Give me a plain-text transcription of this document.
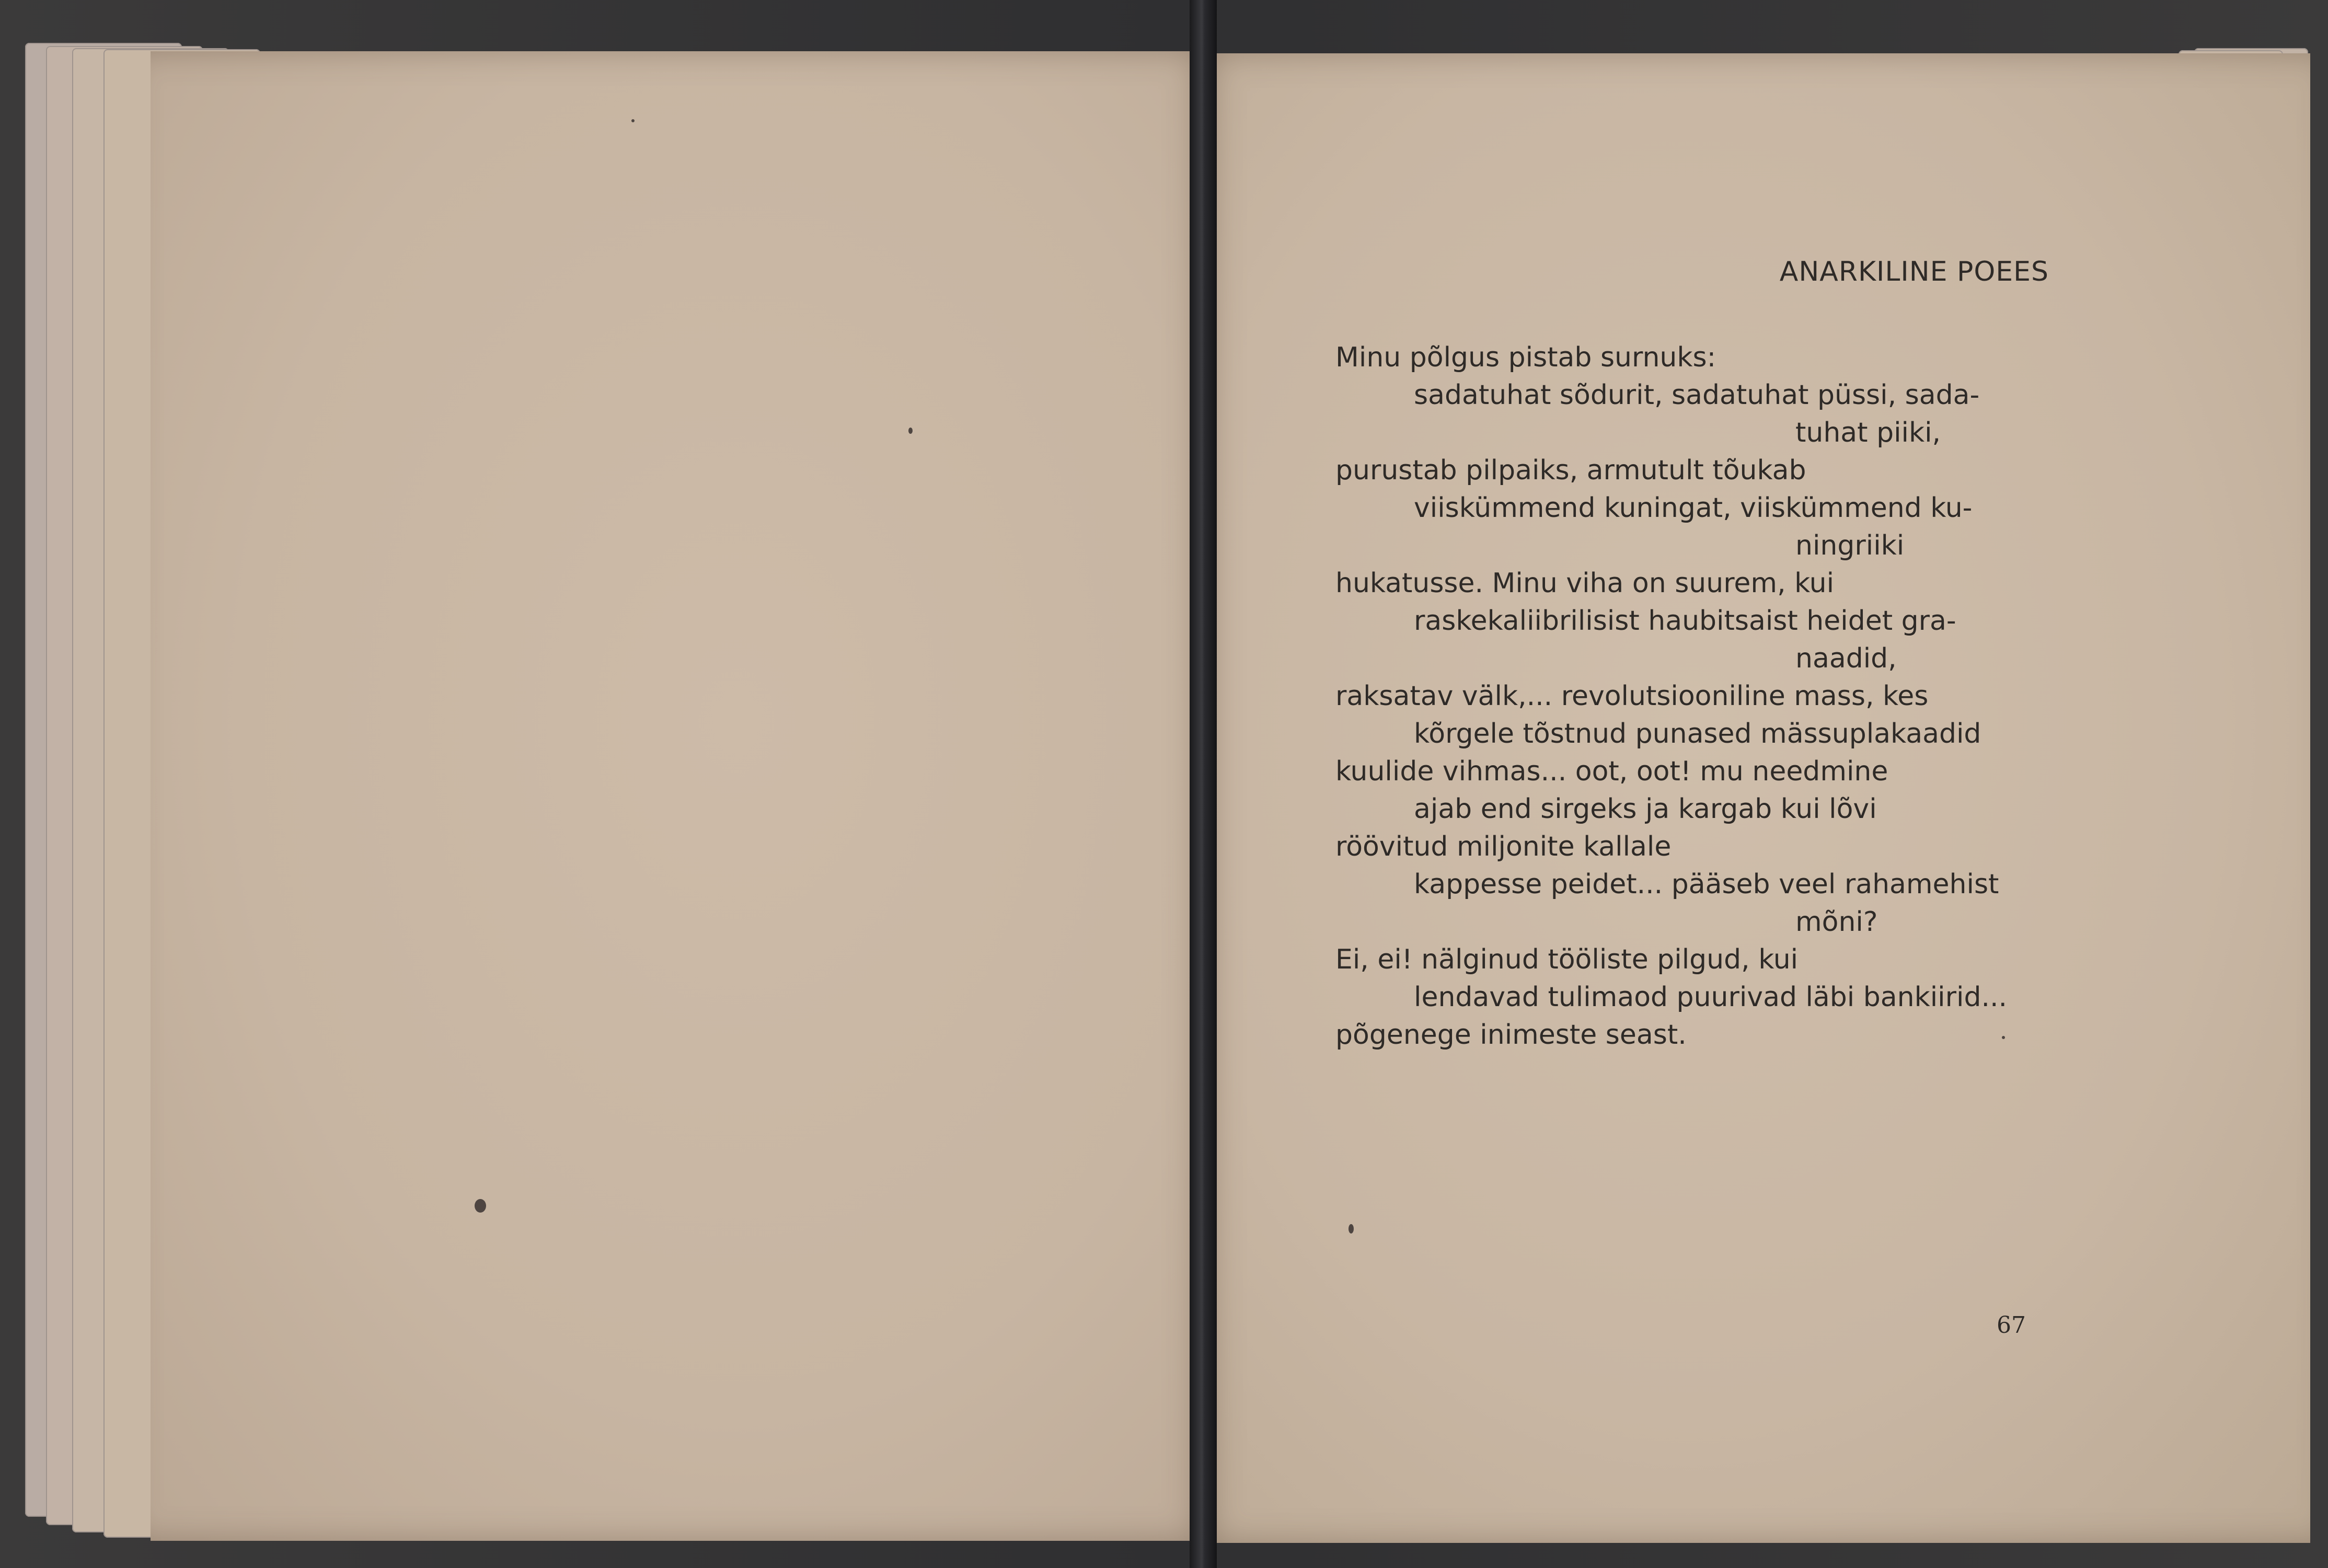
ANARKILINE POEES
Minu põlgus pistab surnuks:
sadatuhat sõdurit, sadatuhat püssi, sada-
tuhat piiki,
purustab pilpaiks, armutult tõukab
viiskümmend kuningat, viiskümmend ku-
ningriiki
hukatusse. Minu viha on suurem, kui
raskekaliibrilisist haubitsaist heidet gra-
naadid,
raksatav välk,... revolutsiooniline mass, kes
kõrgele tõstnud punased mässuplakaadid
kuulide vihmas... oot, oot! mu needmine
ajab end sirgeks ja kargab kui lõvi
röövitud miljonite kallale
kappesse peidet... pääseb veel rahamehist
mõni?
Ei, ei! nälginud tööliste pilgud, kui
lendavad tulimaod puurivad läbi bankiirid...
põgenege inimeste seast.
67
